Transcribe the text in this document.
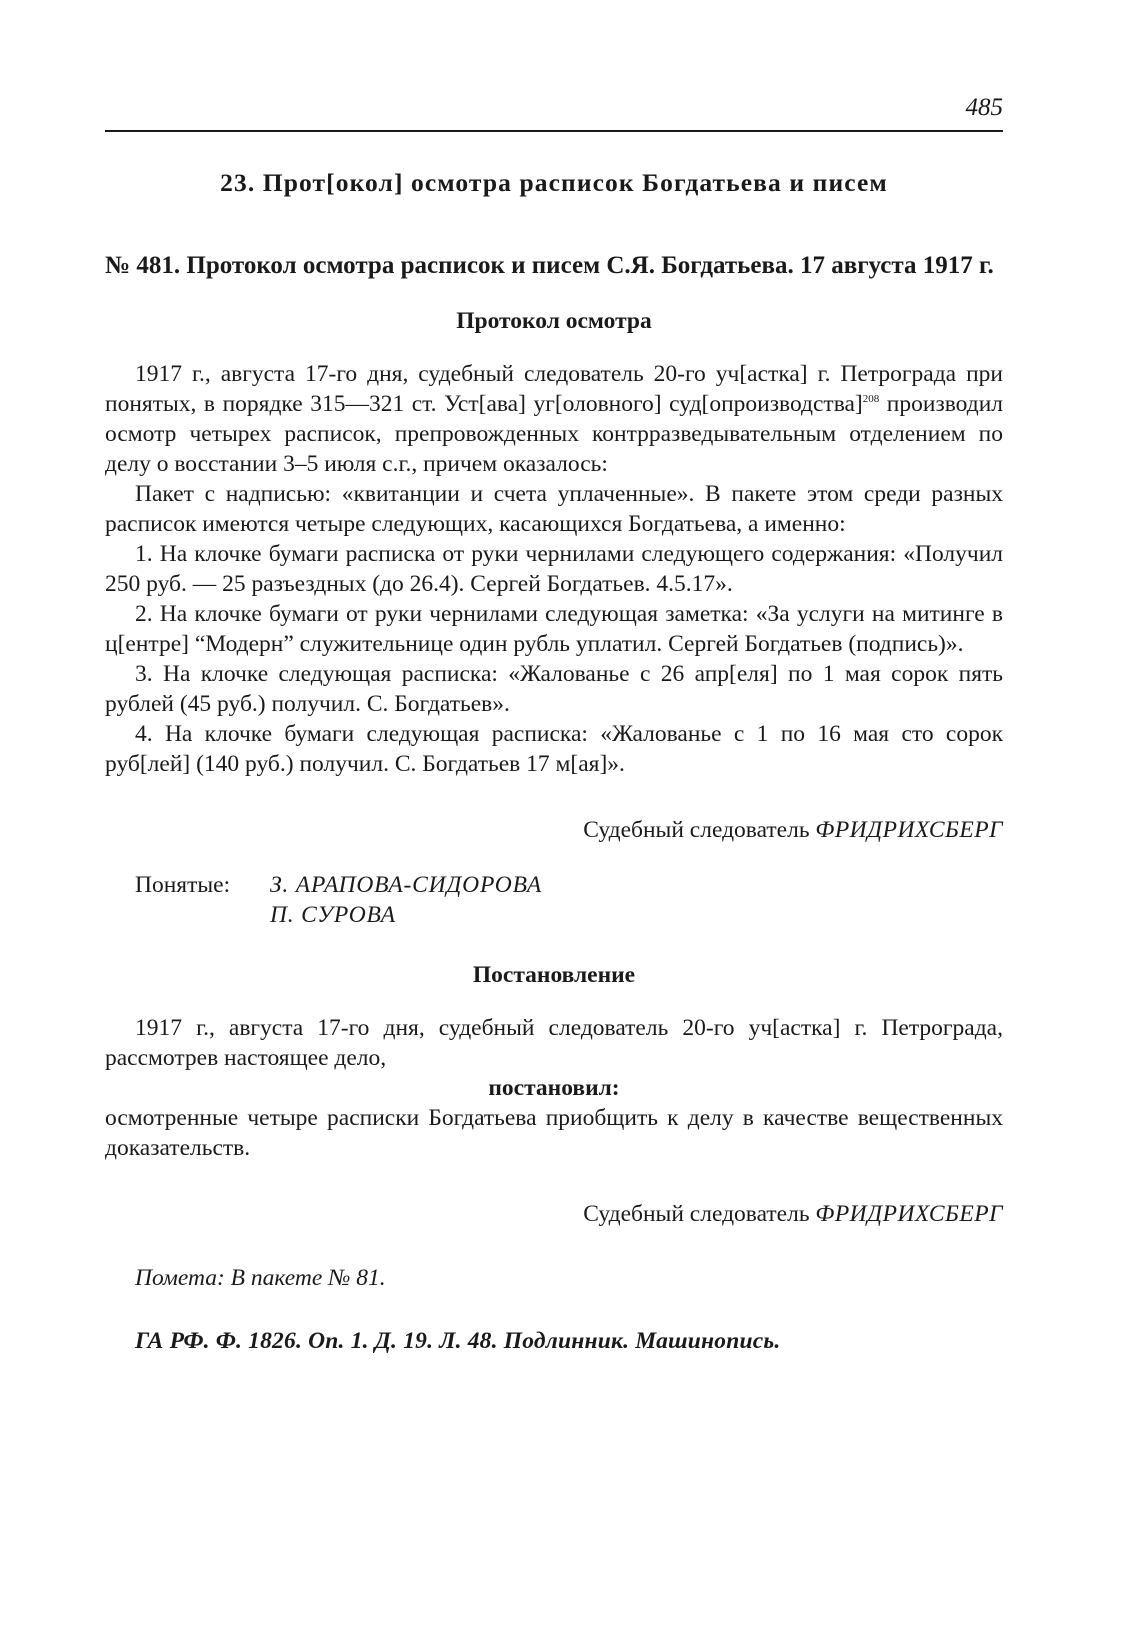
485
23. Прот[окол] осмотра расписок Богдатьева и писем
№ 481. Протокол осмотра расписок и писем С.Я. Богдатьева. 17 августа 1917 г.
Протокол осмотра

1917 г., августа 17-го дня, судебный следователь 20-го уч[астка] г. Петрограда при понятых, в порядке 315—321 ст. Уст[ава] уг[оловного] суд[опроизводства]$^{208}$ производил осмотр четырех расписок, препровожденных контрразведывательным отделением по делу о восстании 3–5 июля с.г., причем оказалось:

Пакет с надписью: «квитанции и счета уплаченные». В пакете этом среди разных расписок имеются четыре следующих, касающихся Богдатьева, а именно:

1. На клочке бумаги расписка от руки чернилами следующего содержания: «Получил 250 руб. — 25 разъездных (до 26.4). Сергей Богдатьев. 4.5.17».

2. На клочке бумаги от руки чернилами следующая заметка: «За услуги на митинге в ц[ентре] “Модерн” служительнице один рубль уплатил. Сергей Богдатьев (подпись)».

3. На клочке следующая расписка: «Жалованье с 26 апр[еля] по 1 мая сорок пять рублей (45 руб.) получил. С. Богдатьев».

4. На клочке бумаги следующая расписка: «Жалованье с 1 по 16 мая сто сорок руб[лей] (140 руб.) получил. С. Богдатьев 17 м[ая]».

Судебный следователь ФРИДРИХСБЕРГ
Понятые:	З. АРАПОВА-СИДОРОВА
П. СУРОВА
Постановление

1917 г., августа 17-го дня, судебный следователь 20-го уч[астка] г. Петрограда, рассмотрев настоящее дело,

постановил:

осмотренные четыре расписки Богдатьева приобщить к делу в качестве вещественных доказательств.

Судебный следователь ФРИДРИХСБЕРГ
Помета: В пакете № 81.
ГА РФ. Ф. 1826. Оп. 1. Д. 19. Л. 48. Подлинник. Машинопись.
